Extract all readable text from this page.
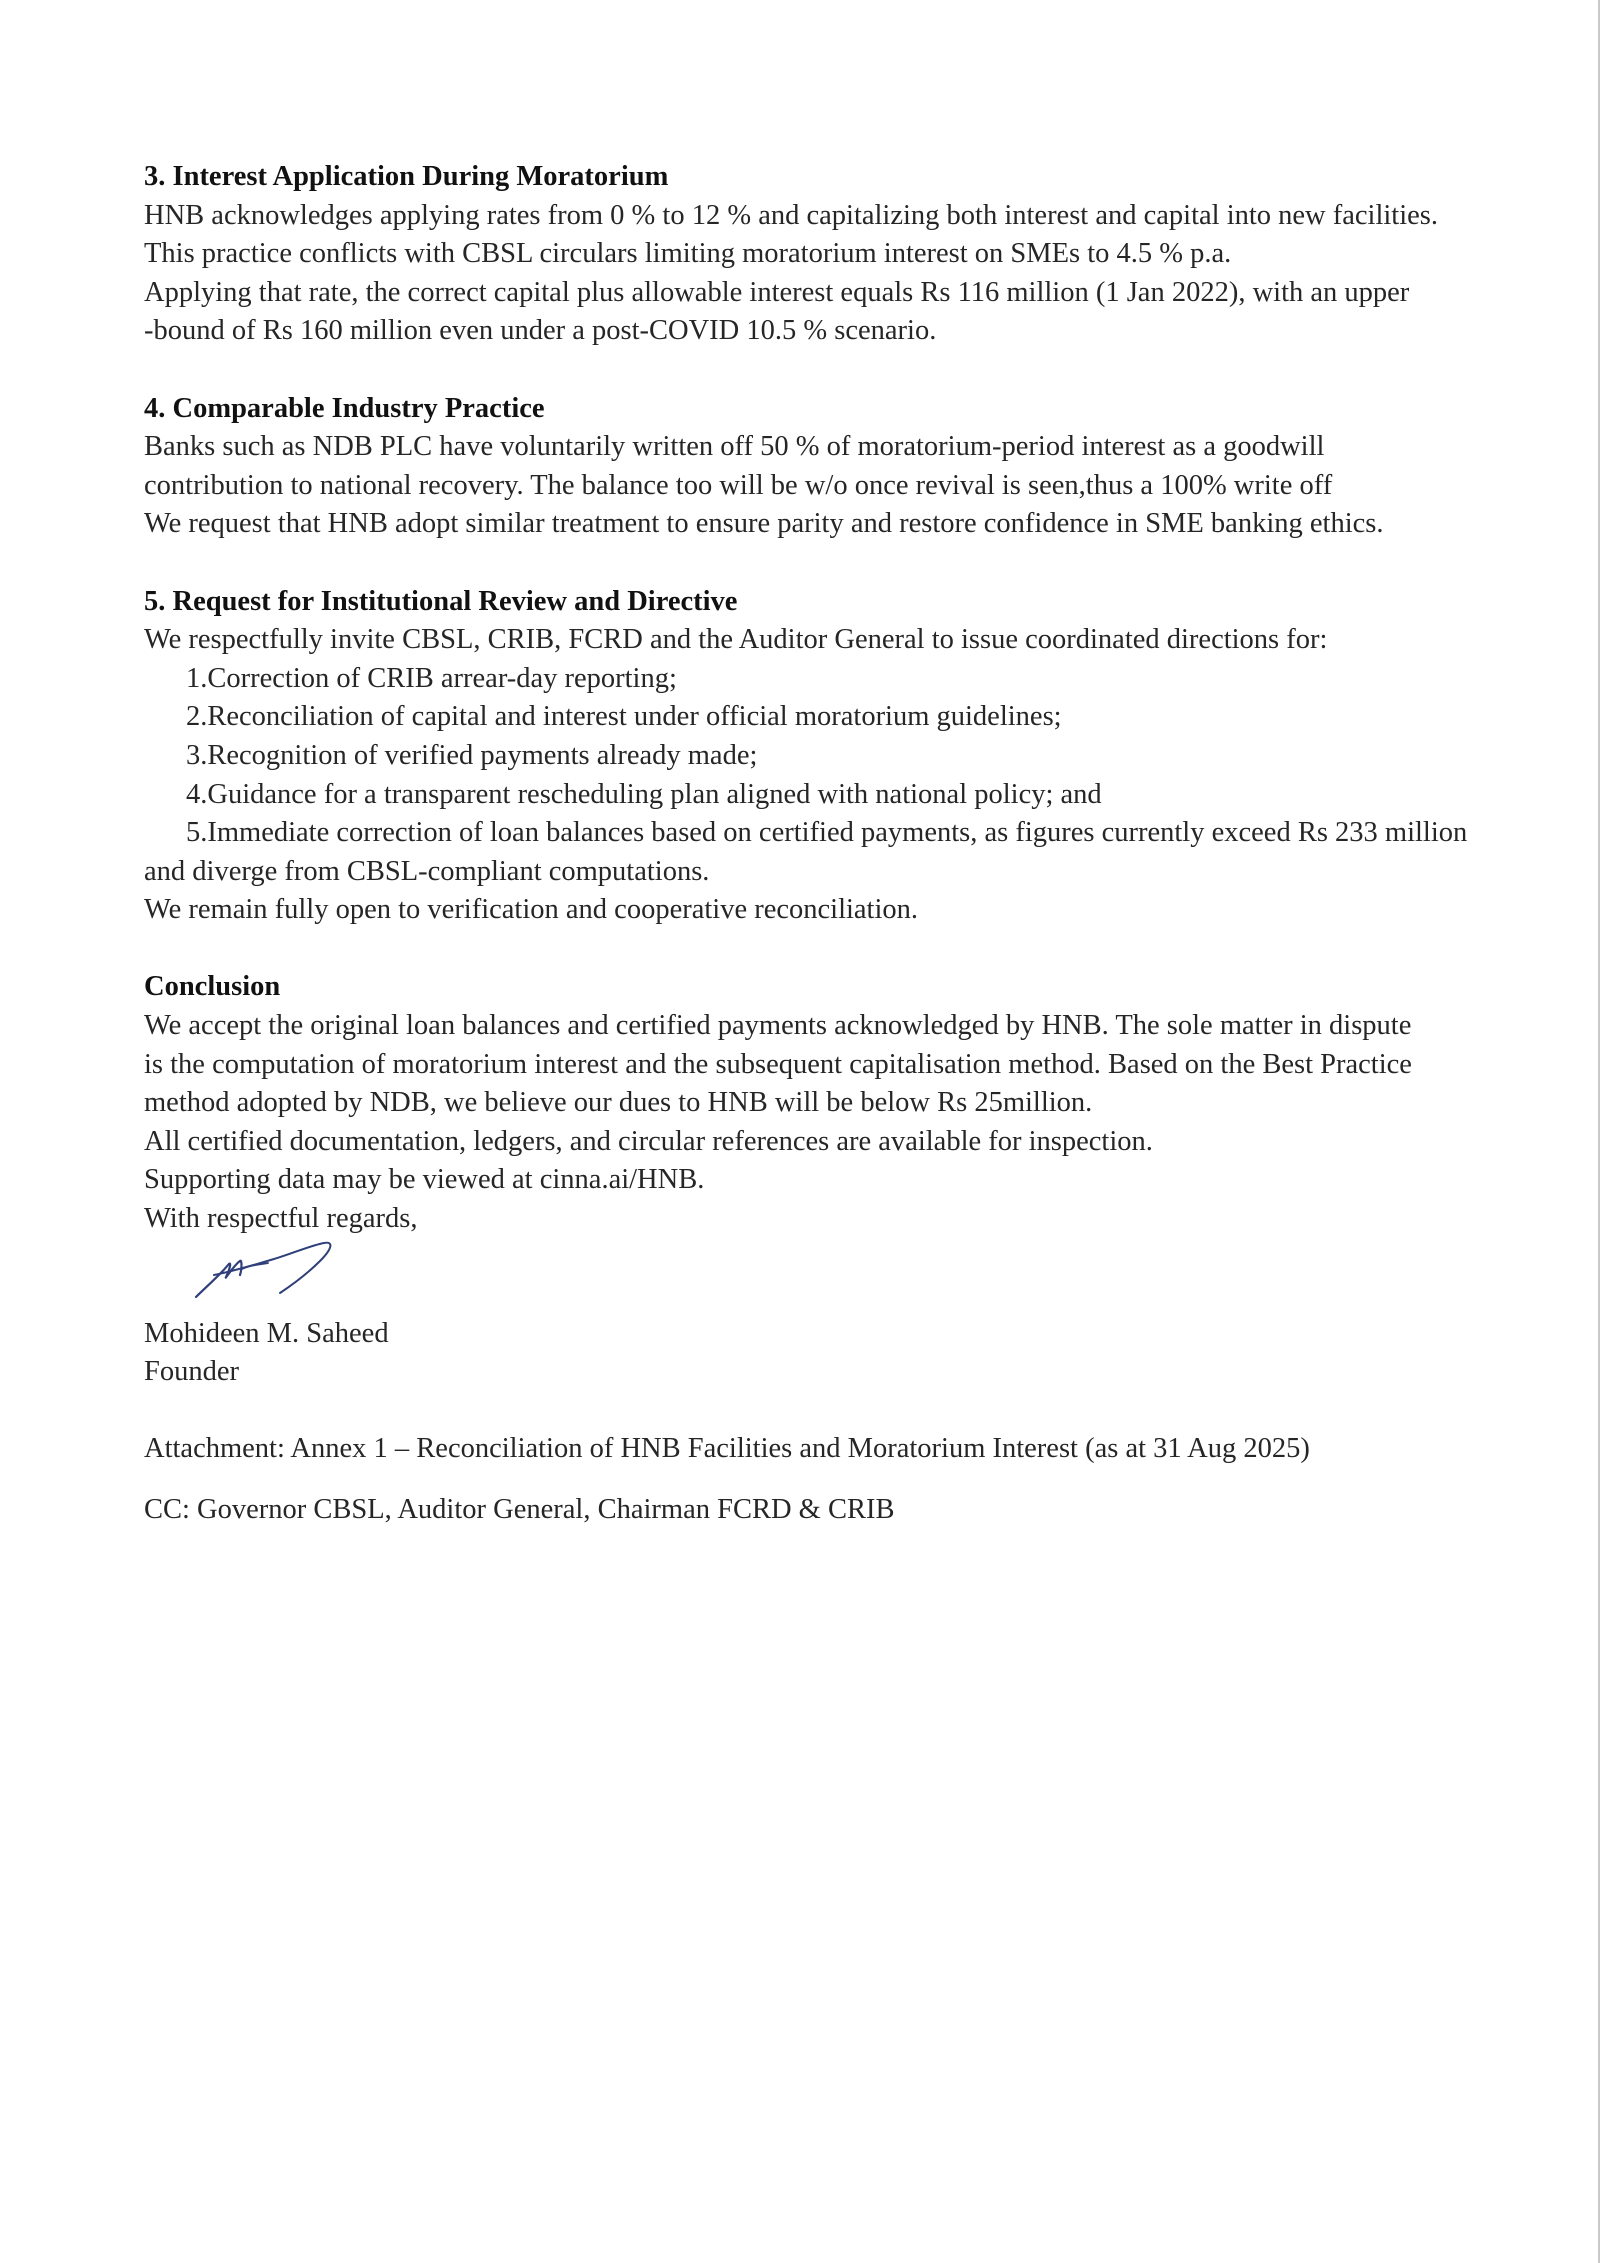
3. Interest Application During Moratorium
HNB acknowledges applying rates from 0 % to 12 % and capitalizing both interest and capital into new facilities.
This practice conflicts with CBSL circulars limiting moratorium interest on SMEs to 4.5 % p.a.
Applying that rate, the correct capital plus allowable interest equals Rs 116 million (1 Jan 2022), with an upper
-bound of Rs 160 million even under a post-COVID 10.5 % scenario.
4. Comparable Industry Practice
Banks such as NDB PLC have voluntarily written off 50 % of moratorium-period interest as a goodwill
contribution to national recovery. The balance too will be w/o once revival is seen,thus a 100% write off
We request that HNB adopt similar treatment to ensure parity and restore confidence in SME banking ethics.
5. Request for Institutional Review and Directive
We respectfully invite CBSL, CRIB, FCRD and the Auditor General to issue coordinated directions for:
1.Correction of CRIB arrear-day reporting;
2.Reconciliation of capital and interest under official moratorium guidelines;
3.Recognition of verified payments already made;
4.Guidance for a transparent rescheduling plan aligned with national policy; and
5.Immediate correction of loan balances based on certified payments, as figures currently exceed Rs 233 million
and diverge from CBSL-compliant computations.
We remain fully open to verification and cooperative reconciliation.
Conclusion
We accept the original loan balances and certified payments acknowledged by HNB. The sole matter in dispute
is the computation of moratorium interest and the subsequent capitalisation method. Based on the Best Practice
method adopted by NDB, we believe our dues to HNB will be below Rs 25million.
All certified documentation, ledgers, and circular references are available for inspection.
Supporting data may be viewed at cinna.ai/HNB.
With respectful regards,
Mohideen M. Saheed
Founder
Attachment: Annex 1 – Reconciliation of HNB Facilities and Moratorium Interest (as at 31 Aug 2025)
CC: Governor CBSL, Auditor General, Chairman FCRD & CRIB
